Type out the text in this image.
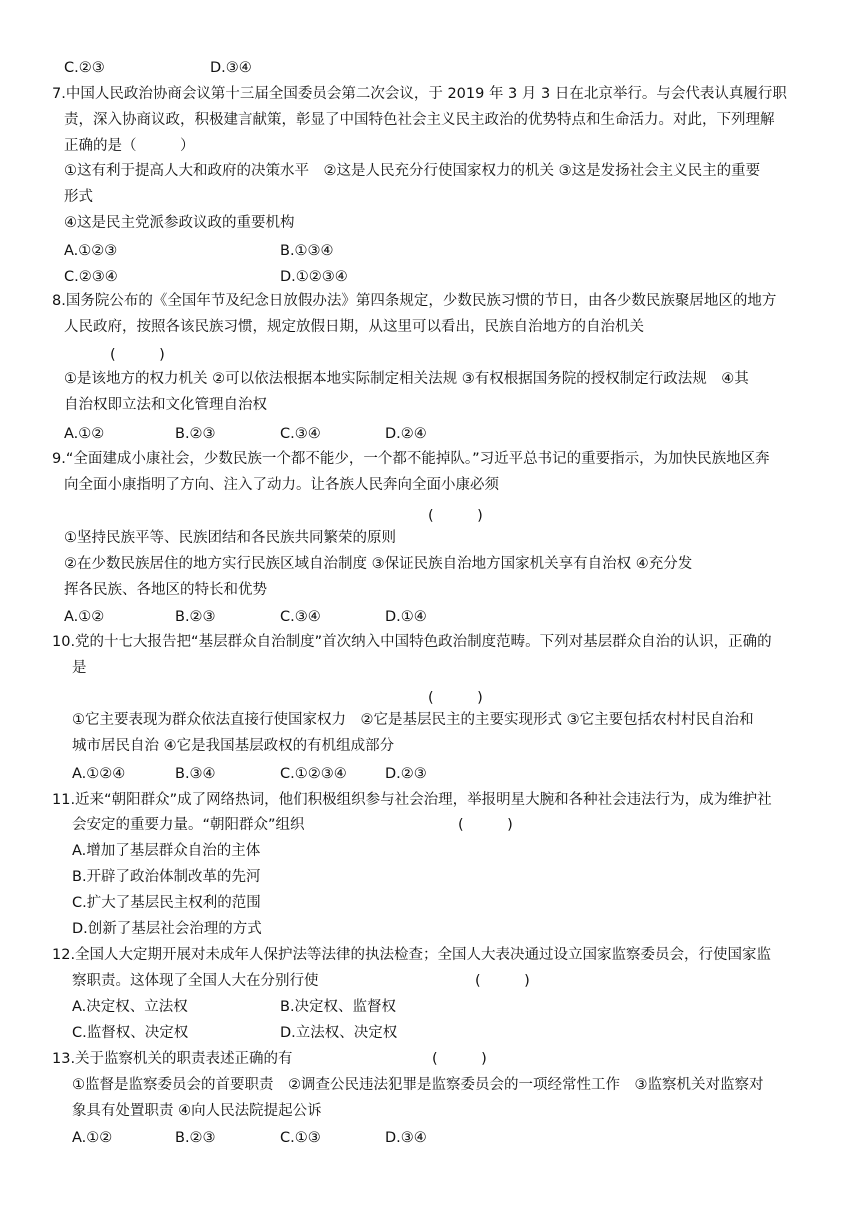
C.②③	D.③④
7.中国人民政治协商会议第十三届全国委员会第二次会议，于 2019 年 3 月 3 日在北京举行。与会代表认真履行职
责，深入协商议政，积极建言献策，彰显了中国特色社会主义民主政治的优势特点和生命活力。对此，下列理解
正确的是（　　　）
①这有利于提高人大和政府的决策水平　②这是人民充分行使国家权力的机关 ③这是发扬社会主义民主的重要
形式
④这是民主党派参政议政的重要机构
A.①②③	B.①③④
C.②③④	D.①②③④
8.国务院公布的《全国年节及纪念日放假办法》第四条规定，少数民族习惯的节日，由各少数民族聚居地区的地方
人民政府，按照各该民族习惯，规定放假日期，从这里可以看出，民族自治地方的自治机关
(　　　)
①是该地方的权力机关 ②可以依法根据本地实际制定相关法规 ③有权根据国务院的授权制定行政法规　④其
自治权即立法和文化管理自治权
A.①②	B.②③	C.③④	D.②④
9.“全面建成小康社会，少数民族一个都不能少，一个都不能掉队。”习近平总书记的重要指示，为加快民族地区奔
向全面小康指明了方向、注入了动力。让各族人民奔向全面小康必须
(　　　)
①坚持民族平等、民族团结和各民族共同繁荣的原则
②在少数民族居住的地方实行民族区域自治制度 ③保证民族自治地方国家机关享有自治权 ④充分发
挥各民族、各地区的特长和优势
A.①②	B.②③	C.③④	D.①④
10.党的十七大报告把“基层群众自治制度”首次纳入中国特色政治制度范畴。下列对基层群众自治的认识，正确的
是
(　　　)
①它主要表现为群众依法直接行使国家权力　②它是基层民主的主要实现形式 ③它主要包括农村村民自治和
城市居民自治 ④它是我国基层政权的有机组成部分
A.①②④	B.③④	C.①②③④	D.②③
11.近来“朝阳群众”成了网络热词，他们积极组织参与社会治理，举报明星大腕和各种社会违法行为，成为维护社
会安定的重要力量。“朝阳群众”组织	(　　　)
A.增加了基层群众自治的主体
B.开辟了政治体制改革的先河
C.扩大了基层民主权利的范围
D.创新了基层社会治理的方式
12.全国人大定期开展对未成年人保护法等法律的执法检查；全国人大表决通过设立国家监察委员会，行使国家监
察职责。这体现了全国人大在分别行使	(　　　)
A.决定权、立法权	B.决定权、监督权
C.监督权、决定权	D.立法权、决定权
13.关于监察机关的职责表述正确的有	(　　　)
①监督是监察委员会的首要职责　②调查公民违法犯罪是监察委员会的一项经常性工作　③监察机关对监察对
象具有处置职责 ④向人民法院提起公诉
A.①②	B.②③	C.①③	D.③④
